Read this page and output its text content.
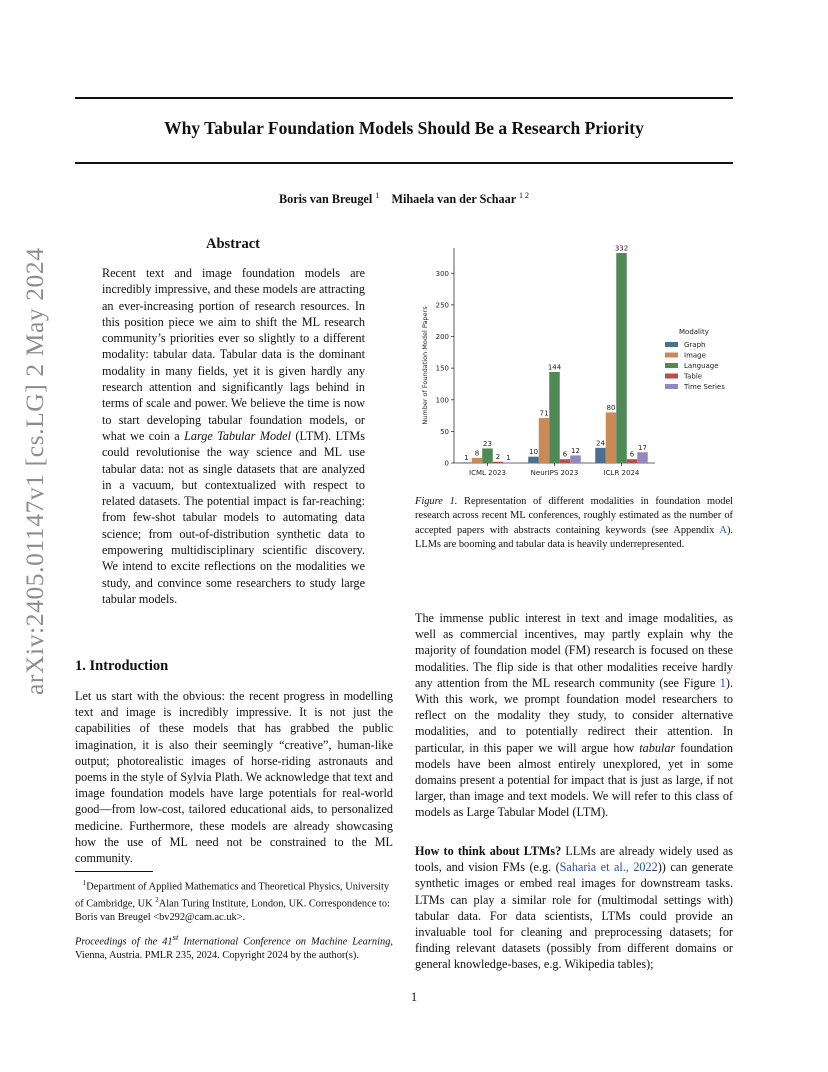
Why Tabular Foundation Models Should Be a Research Priority
Boris van Breugel $^1$ Mihaela van der Schaar $^{1 2}$
arXiv:2405.01147v1 [cs.LG] 2 May 2024
Abstract
Recent text and image foundation models are incredibly impressive, and these models are attracting an ever-increasing portion of research resources. In this position piece we aim to shift the ML research community’s priorities ever so slightly to a different modality: tabular data. Tabular data is the dominant modality in many fields, yet it is given hardly any research attention and significantly lags behind in terms of scale and power. We believe the time is now to start developing tabular foundation models, or what we coin a Large Tabular Model (LTM). LTMs could revolutionise the way science and ML use tabular data: not as single datasets that are analyzed in a vacuum, but contextualized with respect to related datasets. The potential impact is far-reaching: from few-shot tabular models to automating data science; from out-of-distribution synthetic data to empowering multidisciplinary scientific discovery. We intend to excite reflections on the modalities we study, and convince some researchers to study large tabular models.
1. Introduction
Let us start with the obvious: the recent progress in modelling text and image is incredibly impressive. It is not just the capabilities of these models that has grabbed the public imagination, it is also their seemingly “creative”, human-like output; photorealistic images of horse-riding astronauts and poems in the style of Sylvia Plath. We acknowledge that text and image foundation models have large potentials for real-world good—from low-cost, tailored educational aids, to personalized medicine. Furthermore, these models are already showcasing how the use of ML need not be constrained to the ML community.
$^1$Department of Applied Mathematics and Theoretical Physics, University of Cambridge, UK $^2$Alan Turing Institute, London, UK. Correspondence to: Boris van Breugel <bv292@cam.ac.uk>.
Proceedings of the 41st International Conference on Machine Learning, Vienna, Austria. PMLR 235, 2024. Copyright 2024 by the author(s).
0
50
100
150
200
250
300
Number of Foundation Model Papers
1
8
23
2 1
ICML 2023
10
71
144
6 12
NeurIPS 2023
24
80
332
6
17
ICLR 2024
Modality
Graph
Image
Language
Table
Time Series
Figure 1. Representation of different modalities in foundation model research across recent ML conferences, roughly estimated as the number of accepted papers with abstracts containing keywords (see Appendix A). LLMs are booming and tabular data is heavily underrepresented.
The immense public interest in text and image modalities, as well as commercial incentives, may partly explain why the majority of foundation model (FM) research is focused on these modalities. The flip side is that other modalities receive hardly any attention from the ML research community (see Figure 1). With this work, we prompt foundation model researchers to reflect on the modality they study, to consider alternative modalities, and to potentially redirect their attention. In particular, in this paper we will argue how tabular foundation models have been almost entirely unexplored, yet in some domains present a potential for impact that is just as large, if not larger, than image and text models. We will refer to this class of models as Large Tabular Model (LTM).
How to think about LTMs? LLMs are already widely used as tools, and vision FMs (e.g. (Saharia et al., 2022)) can generate synthetic images or embed real images for downstream tasks. LTMs can play a similar role for (multimodal settings with) tabular data. For data scientists, LTMs could provide an invaluable tool for cleaning and preprocessing datasets; for finding relevant datasets (possibly from different domains or general knowledge-bases, e.g. Wikipedia tables);
1
